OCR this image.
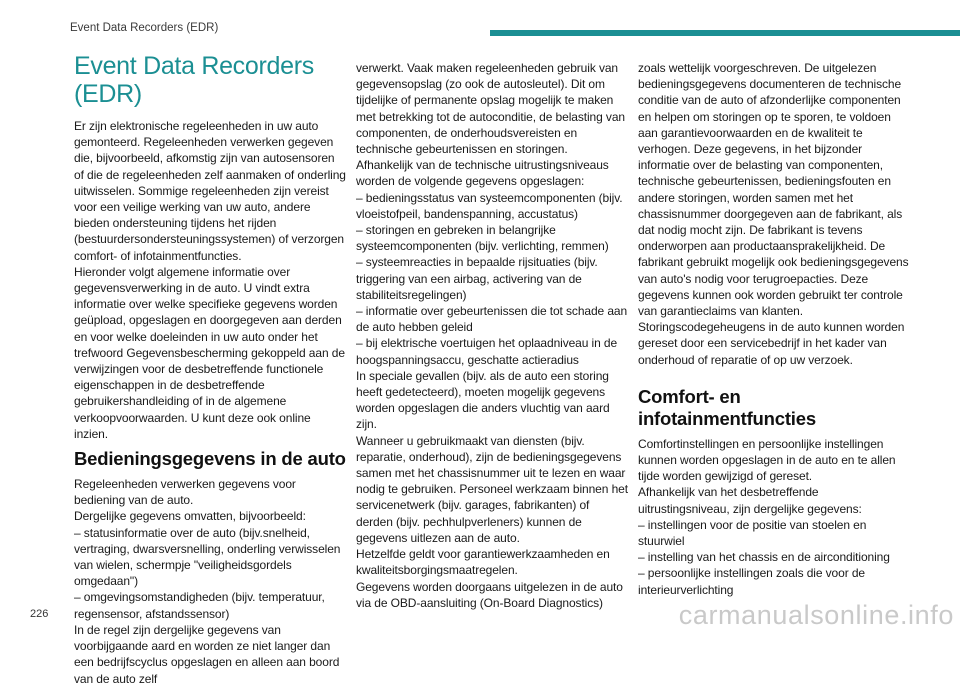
Event Data Recorders (EDR)
Event Data Recorders (EDR)

Er zijn elektronische regeleenheden in uw auto gemonteerd. Regeleenheden verwerken gegeven die, bijvoorbeeld, afkomstig zijn van autosensoren of die de regeleenheden zelf aanmaken of onderling uitwisselen. Sommige regeleenheden zijn vereist voor een veilige werking van uw auto, andere bieden ondersteuning tijdens het rijden (bestuurdersondersteuningssystemen) of verzorgen comfort- of infotainmentfuncties.

Hieronder volgt algemene informatie over gegevensverwerking in de auto. U vindt extra informatie over welke specifieke gegevens worden geüpload, opgeslagen en doorgegeven aan derden en voor welke doeleinden in uw auto onder het trefwoord Gegevensbescherming gekoppeld aan de verwijzingen voor de desbetreffende functionele eigenschappen in de desbetreffende gebruikershandleiding of in de algemene verkoopvoorwaarden. U kunt deze ook online inzien.

Bedieningsgegevens in de auto

Regeleenheden verwerken gegevens voor bediening van de auto.

Dergelijke gegevens omvatten, bijvoorbeeld:

– statusinformatie over de auto (bijv.snelheid, vertraging, dwarsversnelling, onderling verwisselen van wielen, schermpje "veiligheidsgordels omgedaan")

– omgevingsomstandigheden (bijv. temperatuur, regensensor, afstandssensor)

In de regel zijn dergelijke gegevens van voorbijgaande aard en worden ze niet langer dan een bedrijfscyclus opgeslagen en alleen aan boord van de auto zelf

verwerkt. Vaak maken regeleenheden gebruik van gegevensopslag (zo ook de autosleutel). Dit om tijdelijke of permanente opslag mogelijk te maken met betrekking tot de autoconditie, de belasting van componenten, de onderhoudsvereisten en technische gebeurtenissen en storingen.

Afhankelijk van de technische uitrustingsniveaus worden de volgende gegevens opgeslagen:

– bedieningsstatus van systeemcomponenten (bijv. vloeistofpeil, bandenspanning, accustatus)

– storingen en gebreken in belangrijke systeemcomponenten (bijv. verlichting, remmen)

– systeemreacties in bepaalde rijsituaties (bijv. triggering van een airbag, activering van de stabiliteitsregelingen)

– informatie over gebeurtenissen die tot schade aan de auto hebben geleid

– bij elektrische voertuigen het oplaadniveau in de hoogspanningsaccu, geschatte actieradius

In speciale gevallen (bijv. als de auto een storing heeft gedetecteerd), moeten mogelijk gegevens worden opgeslagen die anders vluchtig van aard zijn.

Wanneer u gebruikmaakt van diensten (bijv. reparatie, onderhoud), zijn de bedieningsgegevens samen met het chassisnummer uit te lezen en waar nodig te gebruiken. Personeel werkzaam binnen het servicenetwerk (bijv. garages, fabrikanten) of derden (bijv. pechhulpverleners) kunnen de gegevens uitlezen aan de auto.

Hetzelfde geldt voor garantiewerkzaamheden en kwaliteitsborgingsmaatregelen.

Gegevens worden doorgaans uitgelezen in de auto via de OBD-aansluiting (On-Board Diagnostics)

zoals wettelijk voorgeschreven. De uitgelezen bedieningsgegevens documenteren de technische conditie van de auto of afzonderlijke componenten en helpen om storingen op te sporen, te voldoen aan garantievoorwaarden en de kwaliteit te verhogen. Deze gegevens, in het bijzonder informatie over de belasting van componenten, technische gebeurtenissen, bedieningsfouten en andere storingen, worden samen met het chassisnummer doorgegeven aan de fabrikant, als dat nodig mocht zijn. De fabrikant is tevens onderworpen aan productaansprakelijkheid. De fabrikant gebruikt mogelijk ook bedieningsgegevens van auto's nodig voor terugroepacties. Deze gegevens kunnen ook worden gebruikt ter controle van garantieclaims van klanten.

Storingscodegeheugens in de auto kunnen worden gereset door een servicebedrijf in het kader van onderhoud of reparatie of op uw verzoek.

Comfort- en infotainmentfuncties

Comfortinstellingen en persoonlijke instellingen kunnen worden opgeslagen in de auto en te allen tijde worden gewijzigd of gereset.

Afhankelijk van het desbetreffende uitrustingsniveau, zijn dergelijke gegevens:

– instellingen voor de positie van stoelen en stuurwiel

– instelling van het chassis en de airconditioning

– persoonlijke instellingen zoals die voor de interieurverlichting

226	carmanualsonline.info
